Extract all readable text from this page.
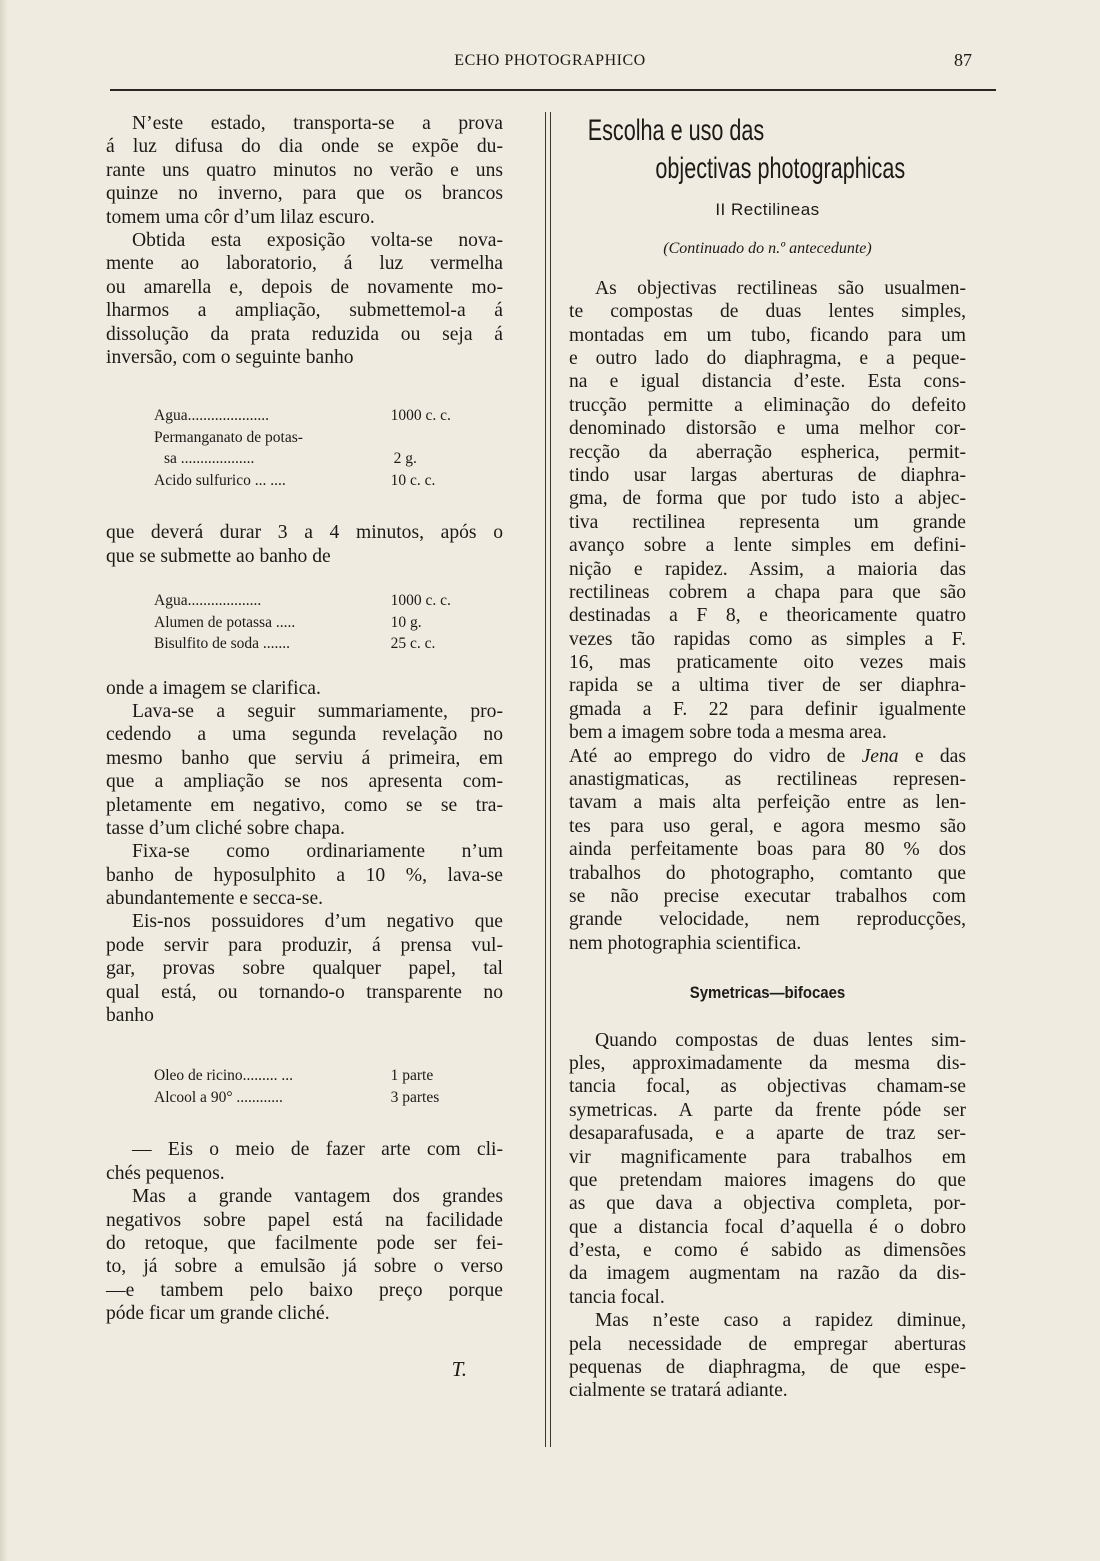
ECHO PHOTOGRAPHICO	87
N’este estado, transporta-se a prova
á luz difusa do dia onde se expõe du-
rante uns quatro minutos no verão e uns
quinze no inverno, para que os brancos
tomem uma côr d’um lilaz escuro.
Obtida esta exposição volta-se nova-
mente ao laboratorio, á luz vermelha
ou amarella e, depois de novamente mo-
lharmos a ampliação, submettemol-a á
dissolução da prata reduzida ou seja á
inversão, com o seguinte banho
Agua.....................	1000 c. c.
Permanganato de potas-
sa ...................	2 g.
Acido sulfurico ... ....	10 c. c.
que deverá durar 3 a 4 minutos, após o
que se submette ao banho de
Agua...................	1000 c. c.
Alumen de potassa .....	10 g.
Bisulfito de soda .......	25 c. c.
onde a imagem se clarifica.
Lava-se a seguir summariamente, pro-
cedendo a uma segunda revelação no
mesmo banho que serviu á primeira, em
que a ampliação se nos apresenta com-
pletamente em negativo, como se se tra-
tasse d’um cliché sobre chapa.
Fixa-se como ordinariamente n’um
banho de hyposulphito a 10 %, lava-se
abundantemente e secca-se.
Eis-nos possuidores d’um negativo que
pode servir para produzir, á prensa vul-
gar, provas sobre qualquer papel, tal
qual está, ou tornando-o transparente no
banho
Oleo de ricino......... ...	1 parte
Alcool a 90° ............	3 partes
— Eis o meio de fazer arte com cli-
chés pequenos.
Mas a grande vantagem dos grandes
negativos sobre papel está na facilidade
do retoque, que facilmente pode ser fei-
to, já sobre a emulsão já sobre o verso
—e tambem pelo baixo preço porque
póde ficar um grande cliché.
T.
Escolha e uso das
objectivas photographicas
II Rectilineas
(Continuado do n.º antecedunte)
As objectivas rectilineas são usualmen-
te compostas de duas lentes simples,
montadas em um tubo, ficando para um
e outro lado do diaphragma, e a peque-
na e igual distancia d’este. Esta cons-
trucção permitte a eliminação do defeito
denominado distorsão e uma melhor cor-
recção da aberração espherica, permit-
tindo usar largas aberturas de diaphra-
gma, de forma que por tudo isto a abjec-
tiva rectilinea representa um grande
avanço sobre a lente simples em defini-
nição e rapidez. Assim, a maioria das
rectilineas cobrem a chapa para que são
destinadas a F 8, e theoricamente quatro
vezes tão rapidas como as simples a F.
16, mas praticamente oito vezes mais
rapida se a ultima tiver de ser diaphra-
gmada a F. 22 para definir igualmente
bem a imagem sobre toda a mesma area.
Até ao emprego do vidro de Jena e das
anastigmaticas, as rectilineas represen-
tavam a mais alta perfeição entre as len-
tes para uso geral, e agora mesmo são
ainda perfeitamente boas para 80 % dos
trabalhos do photographo, comtanto que
se não precise executar trabalhos com
grande velocidade, nem reproducções,
nem photographia scientifica.
Symetricas—bifocaes
Quando compostas de duas lentes sim-
ples, approximadamente da mesma dis-
tancia focal, as objectivas chamam-se
symetricas. A parte da frente póde ser
desaparafusada, e a aparte de traz ser-
vir magnificamente para trabalhos em
que pretendam maiores imagens do que
as que dava a objectiva completa, por-
que a distancia focal d’aquella é o dobro
d’esta, e como é sabido as dimensões
da imagem augmentam na razão da dis-
tancia focal.
Mas n’este caso a rapidez diminue,
pela necessidade de empregar aberturas
pequenas de diaphragma, de que espe-
cialmente se tratará adiante.
